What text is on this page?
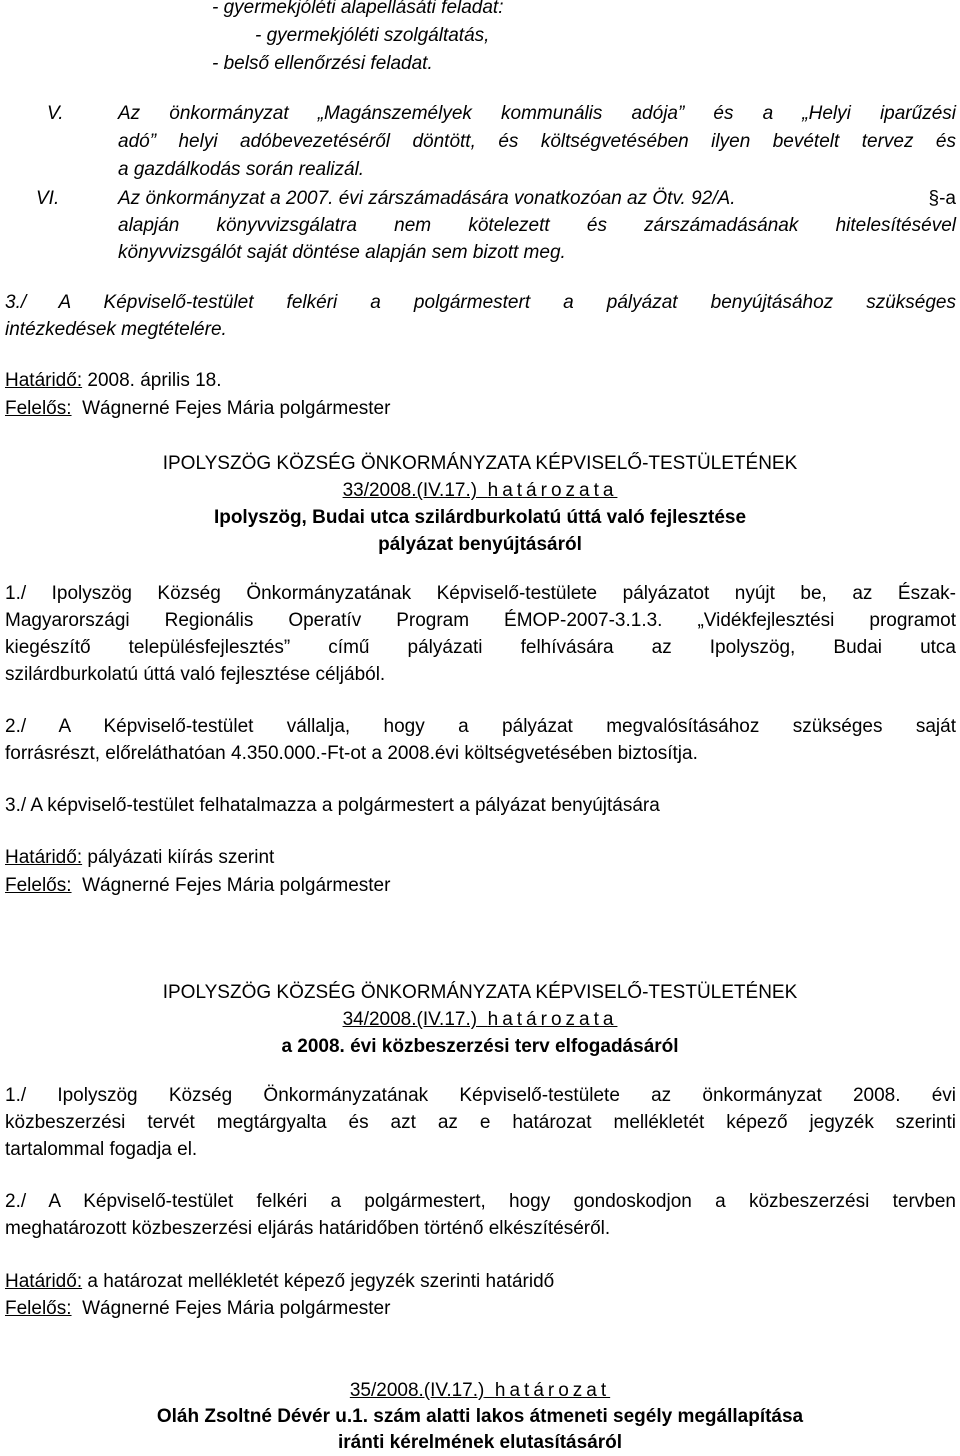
- gyermekjóléti alapellásáti feladat:
- gyermekjóléti szolgáltatás,
- belső ellenőrzési feladat.
V.	Az önkormányzat „Magánszemélyek kommunális adója” és a „Helyi iparűzési
adó” helyi adóbevezetéséről döntött, és költségvetésében ilyen bevételt tervez és
a gazdálkodás során realizál.
VI.	Az önkormányzat a 2007. évi zárszámadására vonatkozóan az Ötv. 92/A.	§-a
alapján könyvvizsgálatra nem kötelezett és zárszámadásának hitelesítésével
könyvvizsgálót saját döntése alapján sem bizott meg.
3./ A Képviselő-testület felkéri a polgármestert a pályázat benyújtásához szükséges
intézkedések megtételére.
Határidő: 2008. április 18.
Felelős:  Wágnerné Fejes Mária polgármester
IPOLYSZÖG KÖZSÉG ÖNKORMÁNYZATA KÉPVISELŐ-TESTÜLETÉNEK
33/2008.(IV.17.) határozata
Ipolyszög, Budai utca szilárdburkolatú úttá való fejlesztése
pályázat benyújtásáról
1./ Ipolyszög Község Önkormányzatának Képviselő-testülete pályázatot nyújt be, az Észak-
Magyarországi Regionális Operatív Program ÉMOP-2007-3.1.3. „Vidékfejlesztési programot
kiegészítő településfejlesztés” című pályázati felhívására az Ipolyszög, Budai utca
szilárdburkolatú úttá való fejlesztése céljából.
2./ A Képviselő-testület vállalja, hogy a pályázat megvalósításához szükséges saját
forrásrészt, előreláthatóan 4.350.000.-Ft-ot a 2008.évi költségvetésében biztosítja.
3./ A képviselő-testület felhatalmazza a polgármestert a pályázat benyújtására
Határidő: pályázati kiírás szerint
Felelős:  Wágnerné Fejes Mária polgármester
IPOLYSZÖG KÖZSÉG ÖNKORMÁNYZATA KÉPVISELŐ-TESTÜLETÉNEK
34/2008.(IV.17.) határozata
a 2008. évi közbeszerzési terv elfogadásáról
1./ Ipolyszög Község Önkormányzatának Képviselő-testülete az önkormányzat 2008. évi
közbeszerzési tervét megtárgyalta és azt az e határozat mellékletét képező jegyzék szerinti
tartalommal fogadja el.
2./ A Képviselő-testület felkéri a polgármestert, hogy gondoskodjon a közbeszerzési tervben
meghatározott közbeszerzési eljárás határidőben történő elkészítéséről.
Határidő: a határozat mellékletét képező jegyzék szerinti határidő
Felelős:  Wágnerné Fejes Mária polgármester
35/2008.(IV.17.) határozat
Oláh Zsoltné Dévér u.1. szám alatti lakos átmeneti segély megállapítása
iránti kérelmének elutasításáról
